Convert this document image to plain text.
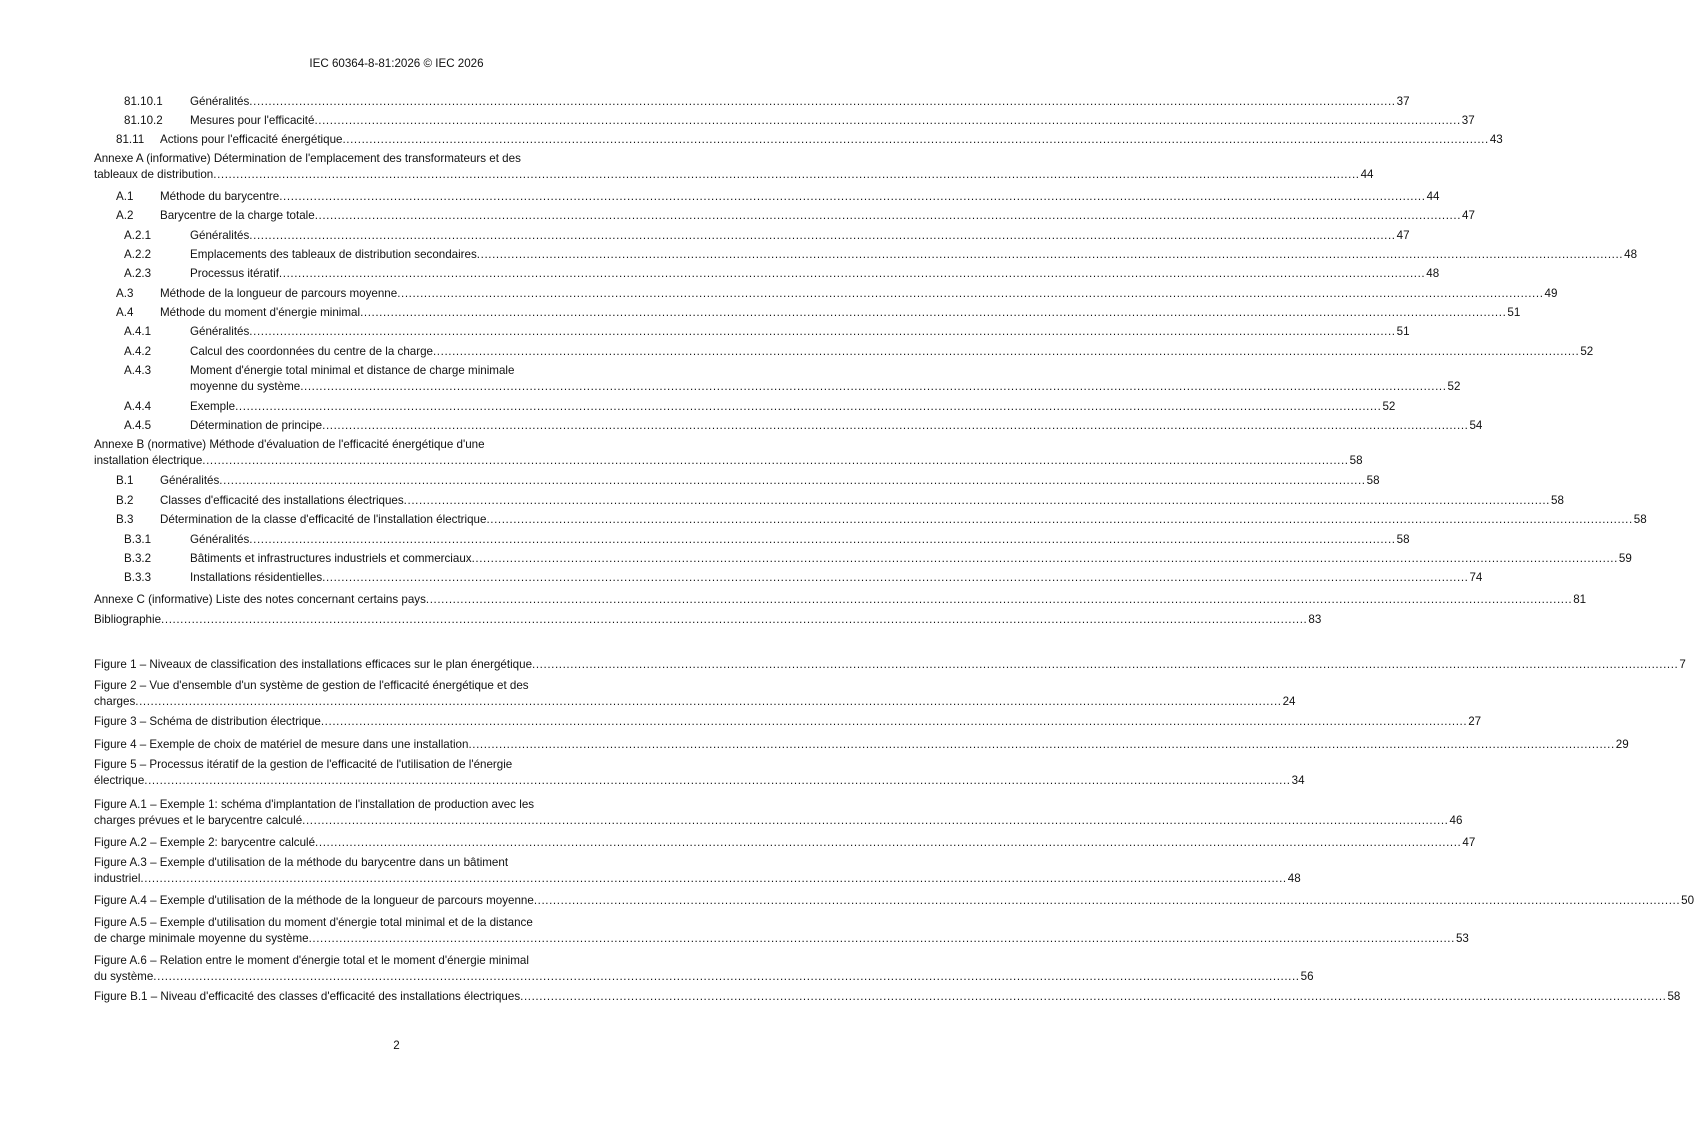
IEC 60364-8-81:2026 © IEC 2026
81.10.1	Généralités ............................................................................................................................................................................................................................................................................................................ 37
81.10.2	Mesures pour l'efficacité ............................................................................................................................................................................................................................................................................................................ 37
81.11	Actions pour l'efficacité énergétique ............................................................................................................................................................................................................................................................................................................ 43
Annexe A (informative) Détermination de l'emplacement des transformateurs et des
tableaux de distribution ............................................................................................................................................................................................................................................................................................................ 44
A.1	Méthode du barycentre ............................................................................................................................................................................................................................................................................................................ 44
A.2	Barycentre de la charge totale ............................................................................................................................................................................................................................................................................................................ 47
A.2.1	Généralités ............................................................................................................................................................................................................................................................................................................ 47
A.2.2	Emplacements des tableaux de distribution secondaires ............................................................................................................................................................................................................................................................................................................ 48
A.2.3	Processus itératif ............................................................................................................................................................................................................................................................................................................ 48
A.3	Méthode de la longueur de parcours moyenne ............................................................................................................................................................................................................................................................................................................ 49
A.4	Méthode du moment d'énergie minimal ............................................................................................................................................................................................................................................................................................................ 51
A.4.1	Généralités ............................................................................................................................................................................................................................................................................................................ 51
A.4.2	Calcul des coordonnées du centre de la charge ............................................................................................................................................................................................................................................................................................................ 52
A.4.3	Moment d'énergie total minimal et distance de charge minimale
moyenne du système ............................................................................................................................................................................................................................................................................................................ 52
A.4.4	Exemple ............................................................................................................................................................................................................................................................................................................ 52
A.4.5	Détermination de principe ............................................................................................................................................................................................................................................................................................................ 54
Annexe B (normative) Méthode d'évaluation de l'efficacité énergétique d'une
installation électrique ............................................................................................................................................................................................................................................................................................................ 58
B.1	Généralités ............................................................................................................................................................................................................................................................................................................ 58
B.2	Classes d'efficacité des installations électriques ............................................................................................................................................................................................................................................................................................................ 58
B.3	Détermination de la classe d'efficacité de l'installation électrique ............................................................................................................................................................................................................................................................................................................ 58
B.3.1	Généralités ............................................................................................................................................................................................................................................................................................................ 58
B.3.2	Bâtiments et infrastructures industriels et commerciaux ............................................................................................................................................................................................................................................................................................................ 59
B.3.3	Installations résidentielles ............................................................................................................................................................................................................................................................................................................ 74
Annexe C (informative) Liste des notes concernant certains pays ............................................................................................................................................................................................................................................................................................................ 81
Bibliographie ............................................................................................................................................................................................................................................................................................................ 83
Figure 1 – Niveaux de classification des installations efficaces sur le plan énergétique ............................................................................................................................................................................................................................................................................................................ 7
Figure 2 – Vue d'ensemble d'un système de gestion de l'efficacité énergétique et des
charges ............................................................................................................................................................................................................................................................................................................ 24
Figure 3 – Schéma de distribution électrique ............................................................................................................................................................................................................................................................................................................ 27
Figure 4 – Exemple de choix de matériel de mesure dans une installation ............................................................................................................................................................................................................................................................................................................ 29
Figure 5 – Processus itératif de la gestion de l'efficacité de l'utilisation de l'énergie
électrique ............................................................................................................................................................................................................................................................................................................ 34
Figure A.1 – Exemple 1: schéma d'implantation de l'installation de production avec les
charges prévues et le barycentre calculé ............................................................................................................................................................................................................................................................................................................ 46
Figure A.2 – Exemple 2: barycentre calculé ............................................................................................................................................................................................................................................................................................................ 47
Figure A.3 – Exemple d'utilisation de la méthode du barycentre dans un bâtiment
industriel ............................................................................................................................................................................................................................................................................................................ 48
Figure A.4 – Exemple d'utilisation de la méthode de la longueur de parcours moyenne ............................................................................................................................................................................................................................................................................................................ 50
Figure A.5 – Exemple d'utilisation du moment d'énergie total minimal et de la distance
de charge minimale moyenne du système ............................................................................................................................................................................................................................................................................................................ 53
Figure A.6 – Relation entre le moment d'énergie total et le moment d'énergie minimal
du système ............................................................................................................................................................................................................................................................................................................ 56
Figure B.1 – Niveau d'efficacité des classes d'efficacité des installations électriques ............................................................................................................................................................................................................................................................................................................ 58
2
